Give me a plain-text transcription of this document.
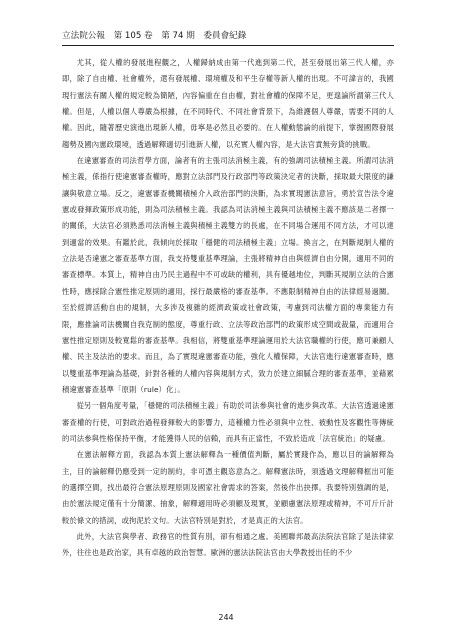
立法院公報　第 105 卷　第 74 期　委員會紀錄

尤其，從人權的發展進程觀之，人權歸納成由第一代進到第二代，甚至發展出第三代人權，亦即，除了自由權、社會權外，還有發展權、環境權及和平生存權等新人權的出現。不可諱言的，我國現行憲法有關人權的規定較為簡陋，內容偏重在自由權，對社會權的保障不足，更遑論所謂第三代人權。但是，人權以個人尊嚴為根據，在不同時代、不同社會背景下，為維護個人尊嚴，需要不同的人權。因此，隨著歷史演進出現新人權，毋寧是必然且必要的。在人權動態論的前提下，掌握國際發展趨勢及國內憲政環境，透過解釋適切引進新人權，以充實人權內容，是大法官責無旁貸的挑戰。

在違憲審查的司法哲學方面，論者有的主張司法消極主義，有的強調司法積極主義。所謂司法消極主義，係指行使違憲審查權時，應對立法部門及行政部門等政策決定者的決斷，採取最大限度的謙讓與敬意立場。反之，違憲審查機關積極介入政治部門的決斷，為求實現憲法意旨，勇於宣告法令違憲或發揮政策形成功能，則為司法積極主義。我認為司法消極主義與司法積極主義不應該是二者擇一的關係，大法官必須熟悉司法消極主義與積極主義雙方的長處，在不同場合運用不同方法，才可以達到適當的效果。有鑑於此，我傾向於採取「穩健的司法積極主義」立場。換言之，在判斷規制人權的立法是否違憲之審查基準方面，我支持雙重基準理論，主張將精神自由與經濟自由分開，適用不同的審查標準。本質上，精神自由乃民主過程中不可或缺的權利，具有優越地位，判斷其規制立法的合憲性時，應採除合憲性推定原則的適用，採行最嚴格的審查基準。不應限制精神自由的法律經易過關。至於經濟活動自由的規制，大多涉及複雜的經濟政策或社會政策，考慮到司法權方面的專業能力有限，應推論司法機關自我克制的態度，尊重行政、立法等政治部門的政策形成空間或裁量，而適用合憲性推定原則及較寬鬆的審查基準。我相信，將雙重基準理論運用於大法官職權的行使，應可兼顧人權、民主及法治的要求。而且，為了實現違憲審查功能，強化人權保障，大法官進行違憲審查時，應以雙重基準理論為基礎，針對各種的人權內容與規制方式，致力於建立細膩合理的審查基準，並藉累積違憲審查基準「原則（rule）化」。

從另一個角度考量，「穩健的司法積極主義」有助於司法參與社會的進步與改革。大法官透過違憲審查權的行使，可對政治過程發揮較大的影響力，這種權力性必須與中立性、被動性及客觀性等傳統的司法參與性格保持平衡，才能獲得人民的信賴，而具有正當性，不致於造成「法官統治」的疑慮。

在憲法解釋方面，我認為本質上憲法解釋為一種價值判斷，屬於實踐作為，應以目的論解釋為主，目的論解釋仍應受到一定的制約，非可憑主觀恣意為之。解釋憲法時，須透過文理解釋框出可能的選擇空間，找出最符合憲法原理原則及國家社會需求的答案，然後作出抉擇。我要特別強調的是，由於憲法規定僅有十分簡潔、抽象，解釋適用時必須顧及現實，並顧慮憲法原理或精神，不可斤斤計較於條文的措詞，或拘泥於文句。大法官特別是對於，才是真正的大法官。

此外，大法官與學者、政務官的性質有別，卻有相通之處。美國聯邦最高法院法官除了是法律家外，往往也是政治家，具有卓越的政治智慧。歐洲的憲法法院法官由大學教授出任的不少

244
